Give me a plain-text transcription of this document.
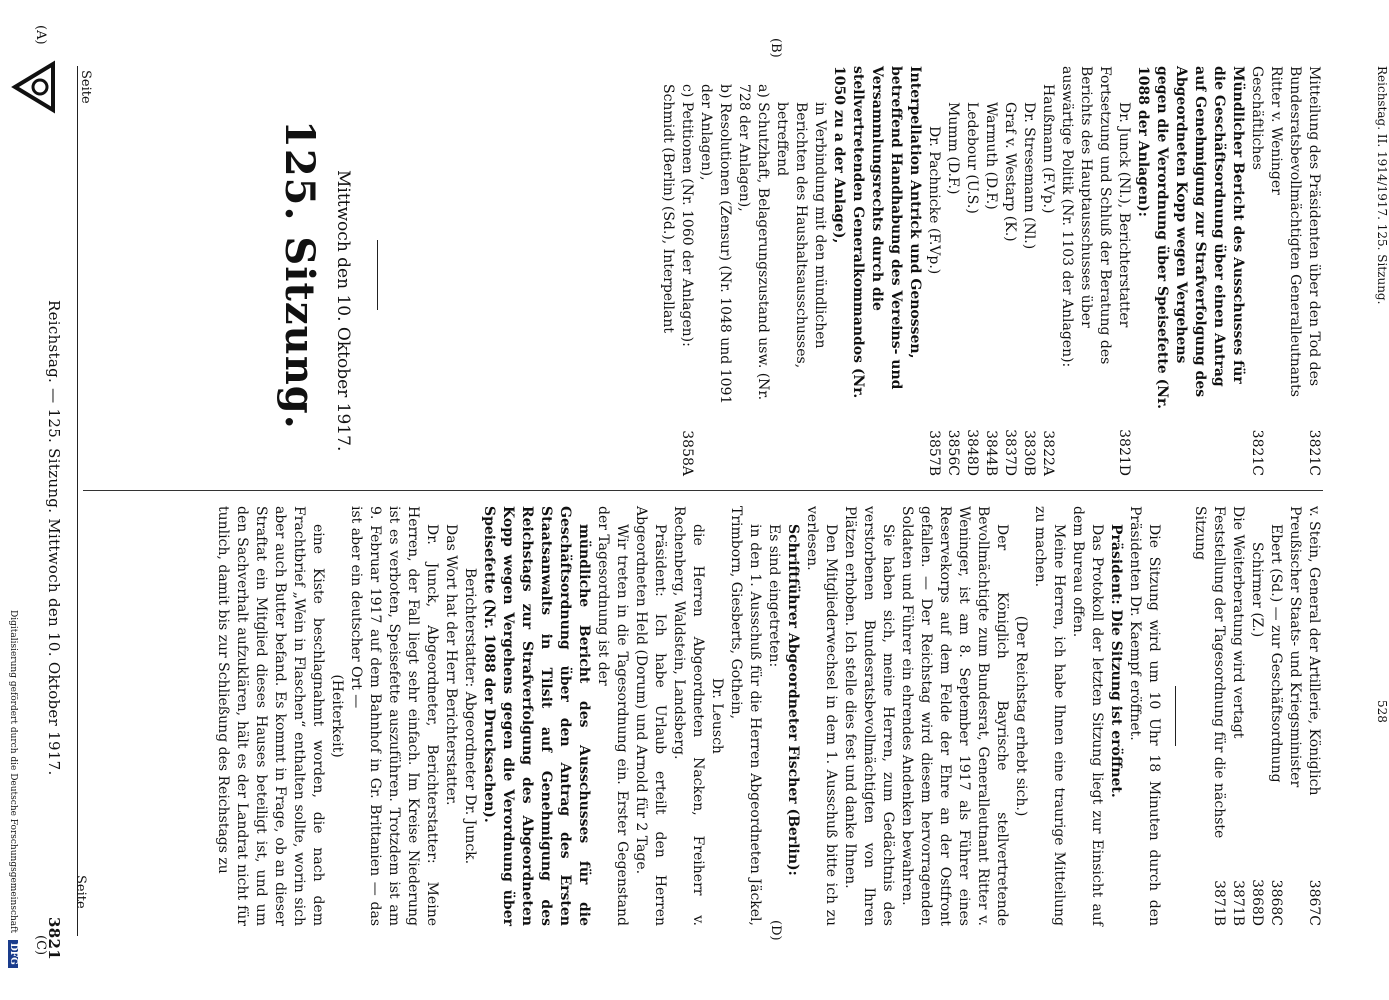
Reichstag. — 125. Sitzung. Mittwoch den 10. Oktober 1917.
3821
(A)
(C)
Seite
Seite
(B)
(D)
125. Sitzung. Mittwoch den 10. Oktober 1917.	Mitteilung des Präsidenten über den Tod des Bundesratsbevollmächtigten Generalleutnants Ritter v. Weninger
3821C
Geschäftliches
3821C
Mündlicher Bericht des Ausschusses für die Geschäftsordnung über einen Antrag auf Genehmigung zur Strafverfolgung des Abgeordneten Kopp wegen Vergehens gegen die Verordnung über Speisefette (Nr. 1088 der Anlagen):
Dr. Junck (Nl.), Berichterstatter
3821D
Fortsetzung und Schluß der Beratung des Berichts des Hauptausschusses über auswärtige Politik (Nr. 1103 der Anlagen):
Haußmann (F.Vp.)
3822A
Dr. Stresemann (Nl.)
3830B
Graf v. Westarp (K.)
3837D
Warmuth (D.F.)
3844B
Ledebour (U.S.)
3848D
Mumm (D.F.)
3856C
Dr. Pachnicke (F.Vp.)
3857B
Interpellation Antrick und Genossen, betreffend Handhabung des Vereins- und Versammlungsrechts durch die stellvertretenden Generalkommandos (Nr. 1050 zu a der Anlage),
in Verbindung mit den mündlichen Berichten des Haushaltsausschusses, betreffend
a) Schutzhaft, Belagerungszustand usw. (Nr. 728 der Anlagen),
b) Resolutionen (Zensur) (Nr. 1048 und 1091 der Anlagen),
c) Petitionen (Nr. 1060 der Anlagen): Schmidt (Berlin) (Sd.), Interpellant
3858A
v. Stein, General der Artillerie, Königlich Preußischer Staats- und Kriegsminister
3867C
Ebert (Sd.) — zur Geschäftsordnung
3868C
Schirmer (Z.)
3868D
Die Weiterberatung wird vertagt
3871B
Feststellung der Tagesordnung für die nächste Sitzung
3871B

Die Sitzung wird um 10 Uhr 18 Minuten durch den Präsidenten Dr. Kaempf eröffnet.

Präsident: Die Sitzung ist eröffnet.

Das Protokoll der letzten Sitzung liegt zur Einsicht auf dem Bureau offen.

Meine Herren, ich habe Ihnen eine traurige Mitteilung zu machen.

(Der Reichstag erhebt sich.)

Der Königlich Bayrische stellvertretende Bevollmächtigte zum Bundesrat, Generalleutnant Ritter v. Weninger, ist am 8. September 1917 als Führer eines Reservekorps auf dem Felde der Ehre an der Ostfront gefallen. — Der Reichstag wird diesem hervorragenden Soldaten und Führer ein ehrendes Andenken bewahren.

Sie haben sich, meine Herren, zum Gedächtnis des verstorbenen Bundesratsbevollmächtigten von Ihren Plätzen erhoben. Ich stelle dies fest und danke Ihnen.

Den Mitgliederwechsel in dem 1. Ausschuß bitte ich zu verlesen.

Schriftführer Abgeordneter Fischer (Berlin):

Es sind eingetreten:

in den 1. Ausschuß für die Herren Abgeordneten Jäckel, Trimborn, Giesberts, Gothein,

Dr. Leusch

die Herren Abgeordneten Nacken, Freiherr v. Rechenberg, Waldstein, Landsberg.

Präsident: Ich habe Urlaub erteilt den Herren Abgeordneten Held (Dorum) und Arnold für 2 Tage.

Wir treten in die Tagesordnung ein. Erster Gegenstand der Tagesordnung ist der

mündliche Bericht des Ausschusses für die Geschäftsordnung über den Antrag des Ersten Staatsanwalts in Tilsit auf Genehmigung des Reichstags zur Strafverfolgung des Abgeordneten Kopp wegen Vergehens gegen die Verordnung über Speisefette (Nr. 1088 der Drucksachen).

Berichterstatter: Abgeordneter Dr. Junck.

Das Wort hat der Herr Berichterstatter.

Dr. Junck, Abgeordneter, Berichterstatter: Meine Herren, der Fall liegt sehr einfach. Im Kreise Niederung ist es verboten, Speisefette auszuführen. Trotzdem ist am 9. Februar 1917 auf dem Bahnhof in Gr. Brittanien — das ist aber ein deutscher Ort —

(Heiterkeit)

eine Kiste beschlagnahmt worden, die nach dem Frachtbrief „Wein in Flaschen“ enthalten sollte, worin sich aber auch Butter befand. Es kommt in Frage, ob an dieser Straftat ein Mitglied dieses Hauses beteiligt ist, und um den Sachverhalt aufzuklären, hält es der Landrat nicht für tunlich, damit bis zur Schließung des Reichstags zu

Reichstag. II. 1914/1917. 125. Sitzung.
528
Digitalisierung gefördert durch die Deutsche Forschungsgemeinschaft DFG
